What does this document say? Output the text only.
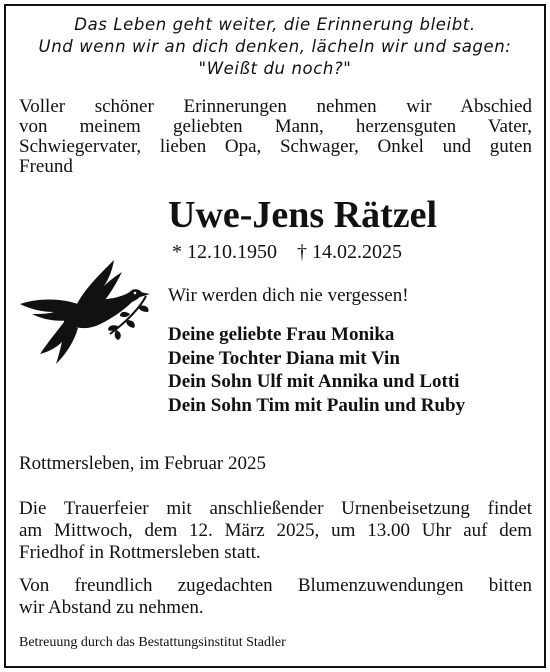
Das Leben geht weiter, die Erinnerung bleibt.
Und wenn wir an dich denken, lächeln wir und sagen:
"Weißt du noch?"
Voller schöner Erinnerungen nehmen wir Abschied
von meinem geliebten Mann, herzensguten Vater,
Schwiegervater, lieben Opa, Schwager, Onkel und guten
Freund
Uwe-Jens Rätzel
* 12.10.1950 † 14.02.2025
Wir werden dich nie vergessen!
Deine geliebte Frau Monika
Deine Tochter Diana mit Vin
Dein Sohn Ulf mit Annika und Lotti
Dein Sohn Tim mit Paulin und Ruby
Rottmersleben, im Februar 2025
Die Trauerfeier mit anschließender Urnenbeisetzung findet
am Mittwoch, dem 12. März 2025, um 13.00 Uhr auf dem
Friedhof in Rottmersleben statt.
Von freundlich zugedachten Blumenzuwendungen bitten
wir Abstand zu nehmen.
Betreuung durch das Bestattungsinstitut Stadler
